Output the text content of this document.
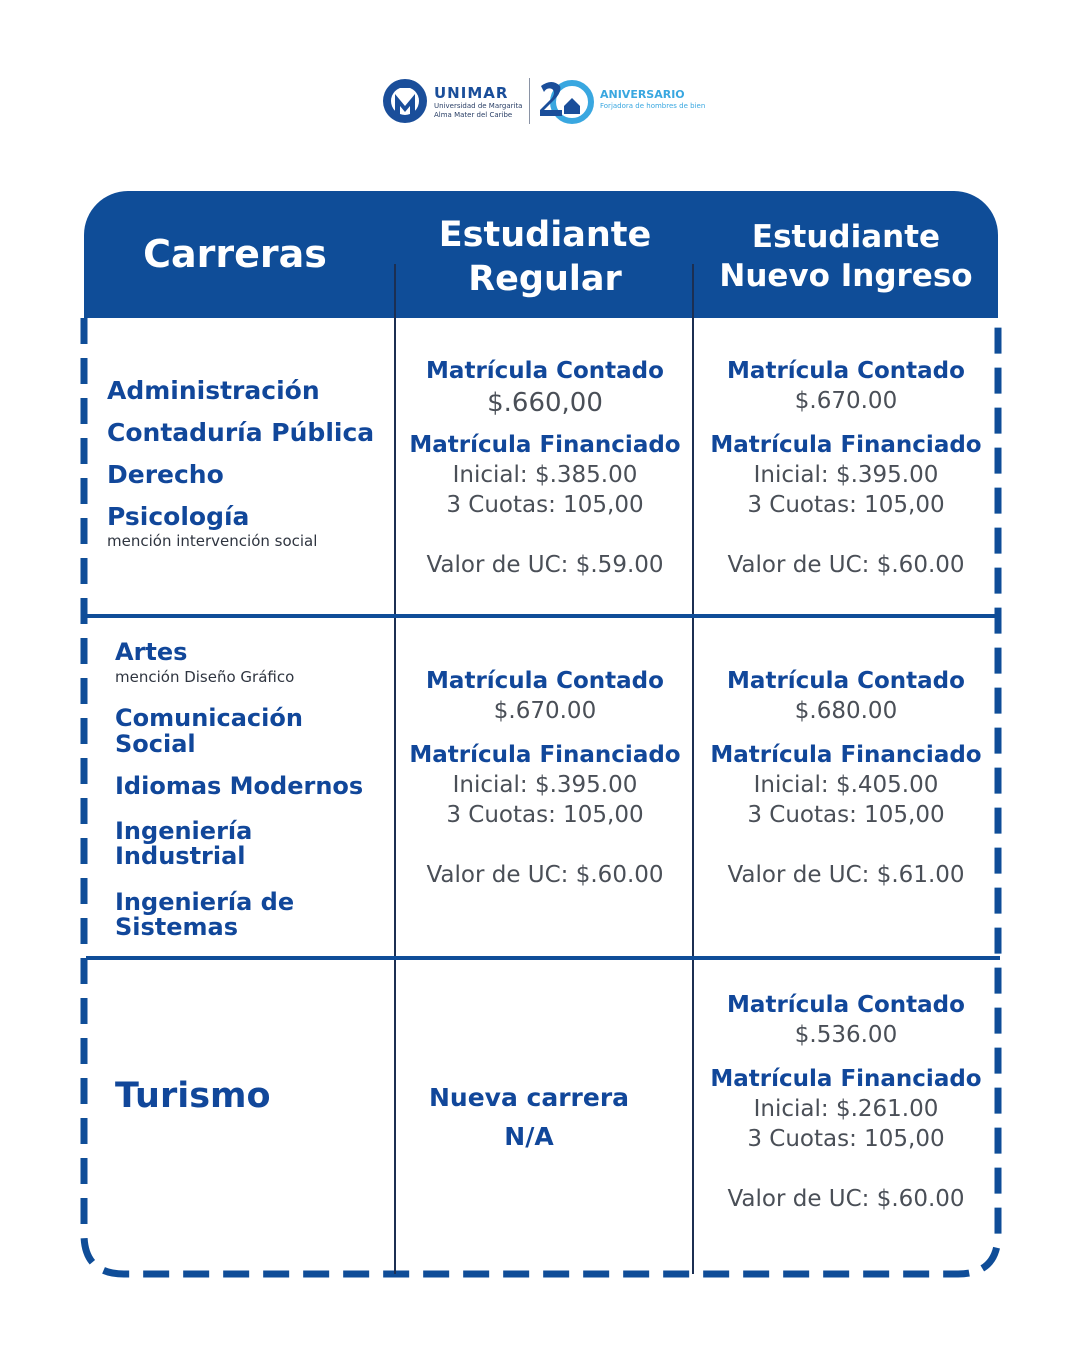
UNIMAR
Universidad de Margarita
Alma Mater del Caribe
ANIVERSARIO
Forjadora de hombres de bien
Carreras	Estudiante
Regular
Estudiante
Nuevo Ingreso
Administración
Contaduría Pública
Derecho
Psicología
mención intervención social
Matrícula Contado
$.660,00
Matrícula Financiado
Inicial: $.385.00
3 Cuotas: 105,00
Valor de UC: $.59.00
Matrícula Contado
$.670.00
Matrícula Financiado
Inicial: $.395.00
3 Cuotas: 105,00
Valor de UC: $.60.00
Artes
mención Diseño Gráfico
Comunicación
Social
Idiomas Modernos
Ingeniería
Industrial
Ingeniería de
Sistemas
Matrícula Contado
$.670.00
Matrícula Financiado
Inicial: $.395.00
3 Cuotas: 105,00
Valor de UC: $.60.00
Matrícula Contado
$.680.00
Matrícula Financiado
Inicial: $.405.00
3 Cuotas: 105,00
Valor de UC: $.61.00
Turismo	Nueva carrera
N/A
Matrícula Contado
$.536.00
Matrícula Financiado
Inicial: $.261.00
3 Cuotas: 105,00
Valor de UC: $.60.00
